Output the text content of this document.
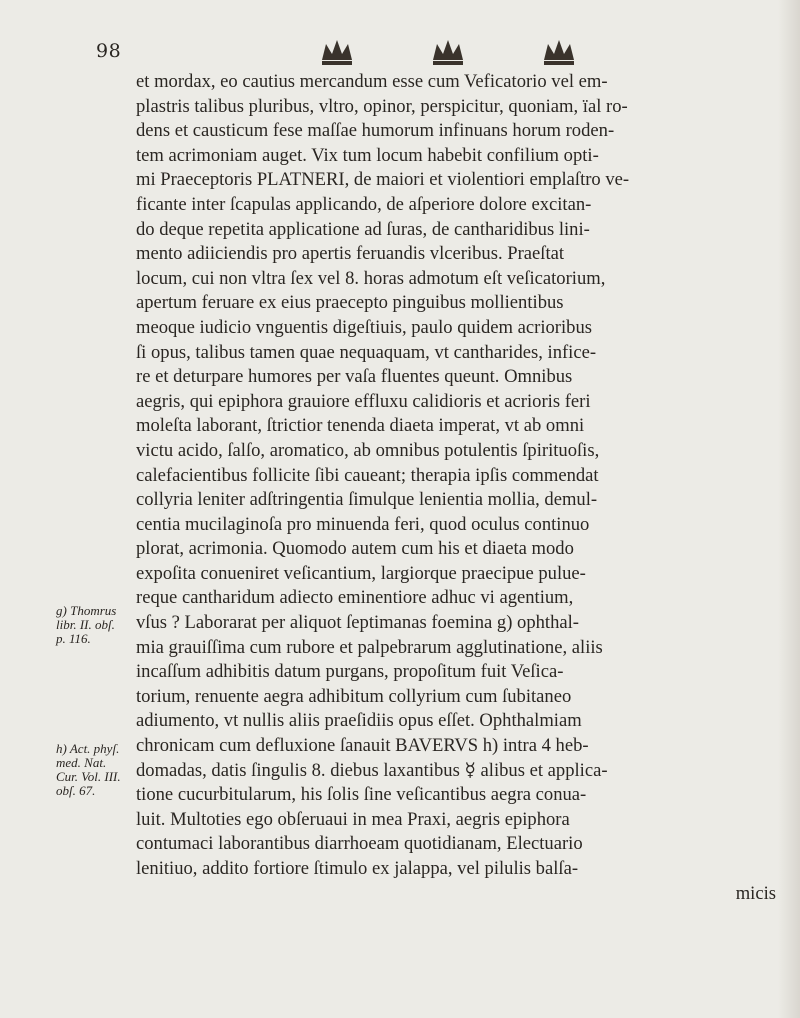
98
et mordax, eo cautius mercandum esse cum Veficatorio vel em-
plastris talibus pluribus, vltro, opinor, perspicitur, quoniam, ïal ro-
dens et causticum fese maſſae humorum infinuans horum roden-
tem acrimoniam auget. Vix tum locum habebit confilium opti-
mi Praeceptoris PLATNERI, de maiori et violentiori emplaſtro ve-
ficante inter ſcapulas applicando, de aſperiore dolore excitan-
do deque repetita applicatione ad ſuras, de cantharidibus lini-
mento adiiciendis pro apertis feruandis vlceribus. Praeſtat
locum, cui non vltra ſex vel 8. horas admotum eſt veſicatorium,
apertum feruare ex eius praecepto pinguibus mollientibus
meoque iudicio vnguentis digeſtiuis, paulo quidem acrioribus
ſi opus, talibus tamen quae nequaquam, vt cantharides, infice-
re et deturpare humores per vaſa fluentes queunt. Omnibus
aegris, qui epiphora grauiore effluxu calidioris et acrioris feri
moleſta laborant, ſtrictior tenenda diaeta imperat, vt ab omni
victu acido, ſalſo, aromatico, ab omnibus potulentis ſpirituoſis,
calefacientibus follicite ſibi caueant; therapia ipſis commendat
collyria leniter adſtringentia ſimulque lenientia mollia, demul-
centia mucilaginoſa pro minuenda feri, quod oculus continuo
plorat, acrimonia. Quomodo autem cum his et diaeta modo
expoſita conueniret veſicantium, largiorque praecipue pulue-
reque cantharidum adiecto eminentiore adhuc vi agentium,
vſus ? Laborarat per aliquot ſeptimanas foemina g) ophthal-
mia grauiſſima cum rubore et palpebrarum agglutinatione, aliis
incaſſum adhibitis datum purgans, propoſitum fuit Veſica-
torium, renuente aegra adhibitum collyrium cum ſubitaneo
adiumento, vt nullis aliis praeſidiis opus eſſet. Ophthalmiam
chronicam cum defluxione ſanauit BAVERVS h) intra 4 heb-
domadas, datis ſingulis 8. diebus laxantibus ☿ alibus et applica-
tione cucurbitularum, his ſolis ſine veſicantibus aegra conua-
luit. Multoties ego obſeruaui in mea Praxi, aegris epiphora
contumaci laborantibus diarrhoeam quotidianam, Electuario
lenitiuo, addito fortiore ſtimulo ex jalappa, vel pilulis balſa-
micis
g) Thomrus
libr. II. obſ.
p. 116.
h) Act. phyſ.
med. Nat.
Cur. Vol. III.
obſ. 67.
